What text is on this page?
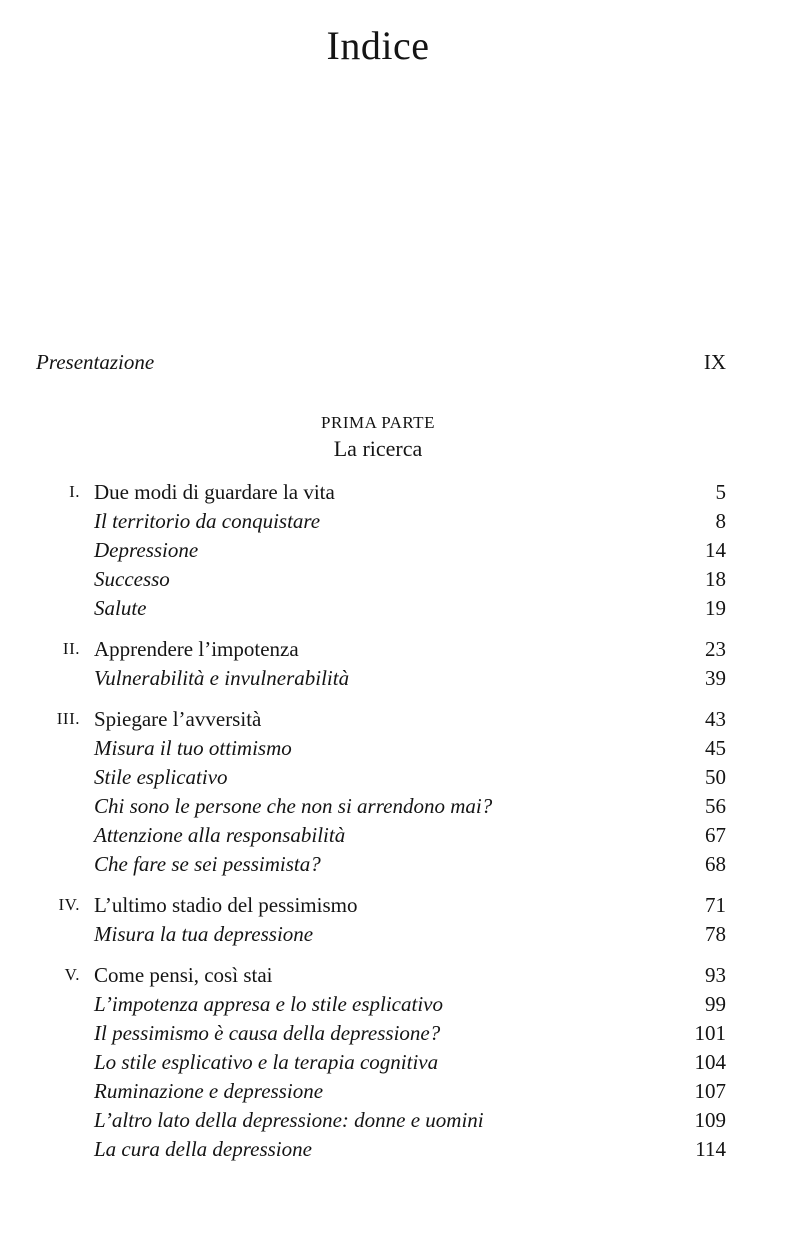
Indice
Presentazione	IX
PRIMA PARTE
La ricerca
I. Due modi di guardare la vita	5
Il territorio da conquistare	8
Depressione	14
Successo	18
Salute	19
II. Apprendere l’impotenza	23
Vulnerabilità e invulnerabilità	39
III. Spiegare l’avversità	43
Misura il tuo ottimismo	45
Stile esplicativo	50
Chi sono le persone che non si arrendono mai?	56
Attenzione alla responsabilità	67
Che fare se sei pessimista?	68
IV. L’ultimo stadio del pessimismo	71
Misura la tua depressione	78
V. Come pensi, così stai	93
L’impotenza appresa e lo stile esplicativo	99
Il pessimismo è causa della depressione?	101
Lo stile esplicativo e la terapia cognitiva	104
Ruminazione e depressione	107
L’altro lato della depressione: donne e uomini	109
La cura della depressione	114
